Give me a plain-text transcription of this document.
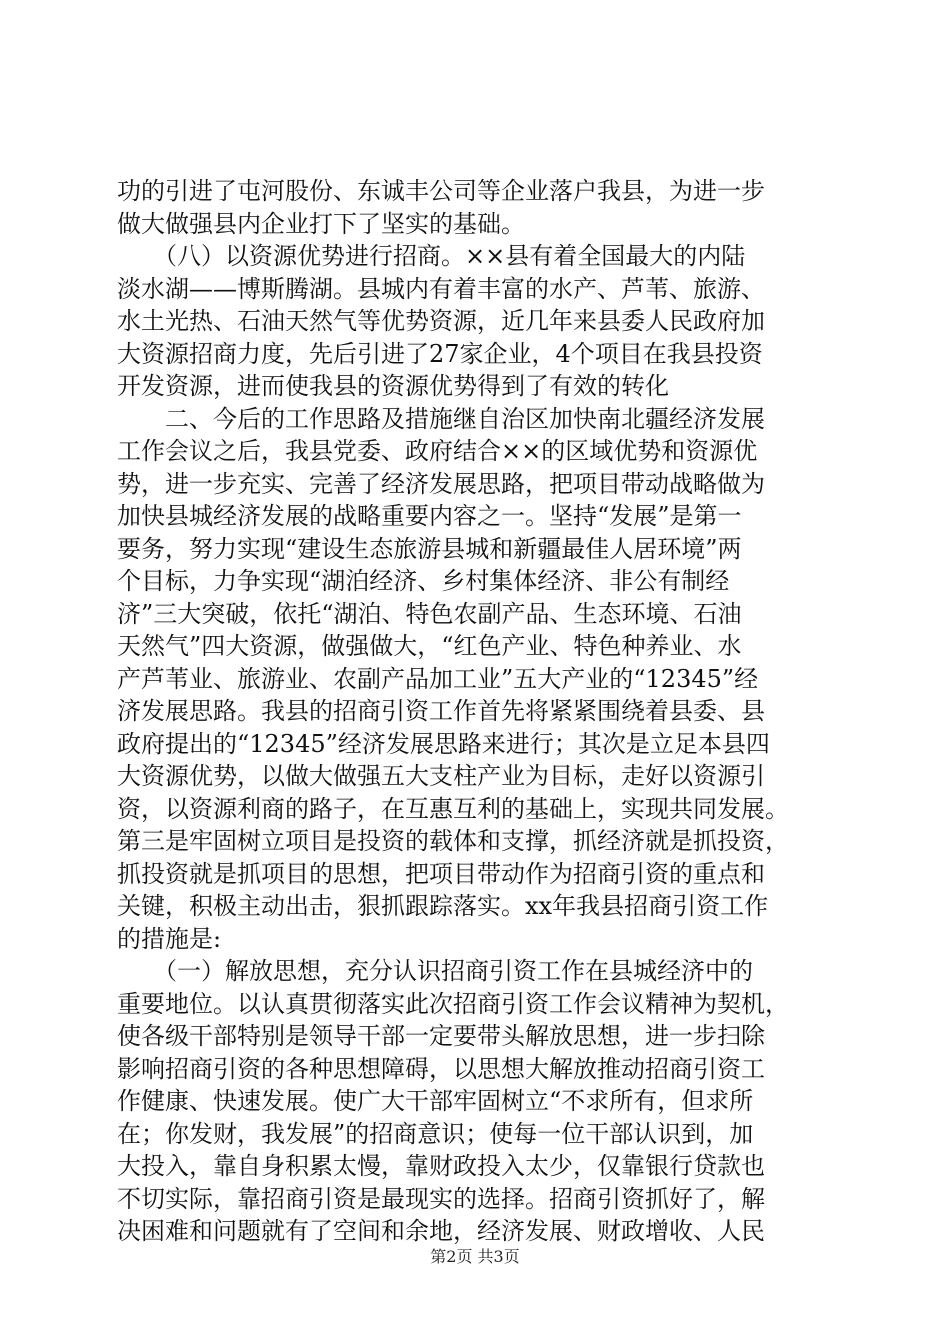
功的引进了屯河股份、东诚丰公司等企业落户我县，为进一步
做大做强县内企业打下了坚实的基础。
　　（八）以资源优势进行招商。××县有着全国最大的内陆
淡水湖——博斯腾湖。县城内有着丰富的水产、芦苇、旅游、
水土光热、石油天然气等优势资源，近几年来县委人民政府加
大资源招商力度，先后引进了27家企业，4个项目在我县投资
开发资源，进而使我县的资源优势得到了有效的转化
　　二、今后的工作思路及措施继自治区加快南北疆经济发展
工作会议之后，我县党委、政府结合××的区域优势和资源优
势，进一步充实、完善了经济发展思路，把项目带动战略做为
加快县城经济发展的战略重要内容之一。坚持“发展”是第一
要务，努力实现“建设生态旅游县城和新疆最佳人居环境”两
个目标，力争实现“湖泊经济、乡村集体经济、非公有制经
济”三大突破，依托“湖泊、特色农副产品、生态环境、石油
天然气”四大资源，做强做大，“红色产业、特色种养业、水
产芦苇业、旅游业、农副产品加工业”五大产业的“12345”经
济发展思路。我县的招商引资工作首先将紧紧围绕着县委、县
政府提出的“12345”经济发展思路来进行；其次是立足本县四
大资源优势，以做大做强五大支柱产业为目标，走好以资源引
资，以资源利商的路子，在互惠互利的基础上，实现共同发展。
第三是牢固树立项目是投资的载体和支撑，抓经济就是抓投资，
抓投资就是抓项目的思想，把项目带动作为招商引资的重点和
关键，积极主动出击，狠抓跟踪落实。xx年我县招商引资工作
的措施是:
　　（一）解放思想，充分认识招商引资工作在县城经济中的
重要地位。以认真贯彻落实此次招商引资工作会议精神为契机，
使各级干部特别是领导干部一定要带头解放思想，进一步扫除
影响招商引资的各种思想障碍，以思想大解放推动招商引资工
作健康、快速发展。使广大干部牢固树立“不求所有，但求所
在；你发财，我发展”的招商意识；使每一位干部认识到，加
大投入，靠自身积累太慢，靠财政投入太少，仅靠银行贷款也
不切实际，靠招商引资是最现实的选择。招商引资抓好了，解
决困难和问题就有了空间和余地，经济发展、财政增收、人民
第2页 共3页
